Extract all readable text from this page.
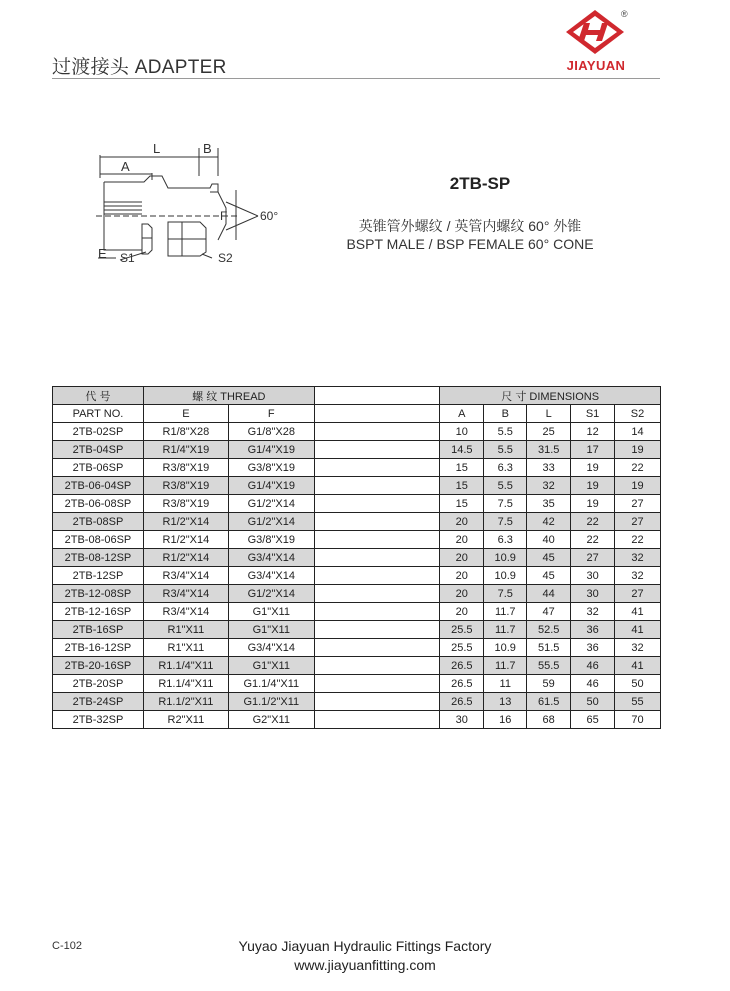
过渡接头 ADAPTER
®
JIAYUAN
L	B
A
F	60°
E S1	S2
2TB-SP
英锥管外螺纹 / 英管内螺纹 60° 外锥
BSPT MALE / BSP FEMALE 60° CONE
代 号	螺 纹 THREAD			尺 寸 DIMENSIONS				
PART NO.	E	F		A	B	L	S1	S2
2TB-02SP	R1/8"X28	G1/8"X28		10	5.5	25	12	14
2TB-04SP	R1/4"X19	G1/4"X19		14.5	5.5	31.5	17	19
2TB-06SP	R3/8"X19	G3/8"X19		15	6.3	33	19	22
2TB-06-04SP	R3/8"X19	G1/4"X19		15	5.5	32	19	19
2TB-06-08SP	R3/8"X19	G1/2"X14		15	7.5	35	19	27
2TB-08SP	R1/2"X14	G1/2"X14		20	7.5	42	22	27
2TB-08-06SP	R1/2"X14	G3/8"X19		20	6.3	40	22	22
2TB-08-12SP	R1/2"X14	G3/4"X14		20	10.9	45	27	32
2TB-12SP	R3/4"X14	G3/4"X14		20	10.9	45	30	32
2TB-12-08SP	R3/4"X14	G1/2"X14		20	7.5	44	30	27
2TB-12-16SP	R3/4"X14	G1"X11		20	11.7	47	32	41
2TB-16SP	R1"X11	G1"X11		25.5	11.7	52.5	36	41
2TB-16-12SP	R1"X11	G3/4"X14		25.5	10.9	51.5	36	32
2TB-20-16SP	R1.1/4"X11	G1"X11		26.5	11.7	55.5	46	41
2TB-20SP	R1.1/4"X11	G1.1/4"X11		26.5	11	59	46	50
2TB-24SP	R1.1/2"X11	G1.1/2"X11		26.5	13	61.5	50	55
2TB-32SP	R2"X11	G2"X11		30	16	68	65	70
C-102	Yuyao Jiayuan Hydraulic Fittings Factory
www.jiayuanfitting.com
